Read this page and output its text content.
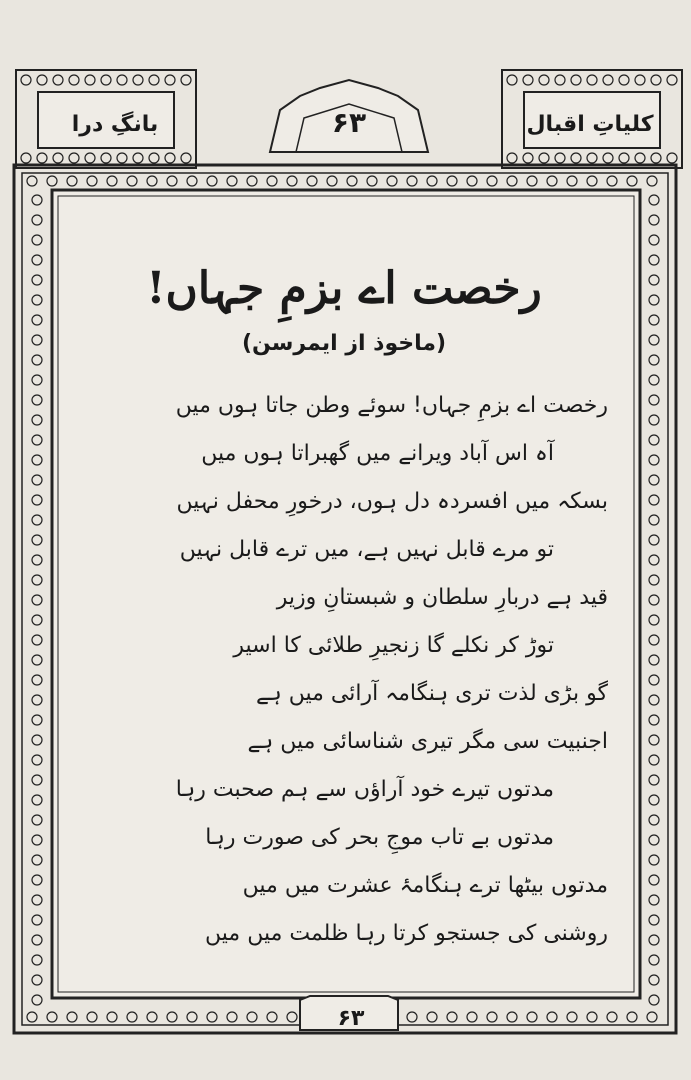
بانگِ درا	۶۳	کلیاتِ اقبال
رخصت اے بزمِ جہاں!
(ماخوذ از ایمرسن)
رخصت اے بزمِ جہاں! سوئے وطن جاتا ہوں میں
آہ اس آباد ویرانے میں گھبراتا ہوں میں
بسکہ میں افسردہ دل ہوں، درخورِ محفل نہیں
تو مرے قابل نہیں ہے، میں ترے قابل نہیں
قید ہے دربارِ سلطان و شبستانِ وزیر
توڑ کر نکلے گا زنجیرِ طلائی کا اسیر
گو بڑی لذت تری ہنگامہ آرائی میں ہے
اجنبیت سی مگر تیری شناسائی میں ہے
مدتوں تیرے خود آراؤں سے ہم صحبت رہا
مدتوں بے تاب موجِ بحر کی صورت رہا
مدتوں بیٹھا ترے ہنگامۂ عشرت میں میں
روشنی کی جستجو کرتا رہا ظلمت میں میں
۶۳
